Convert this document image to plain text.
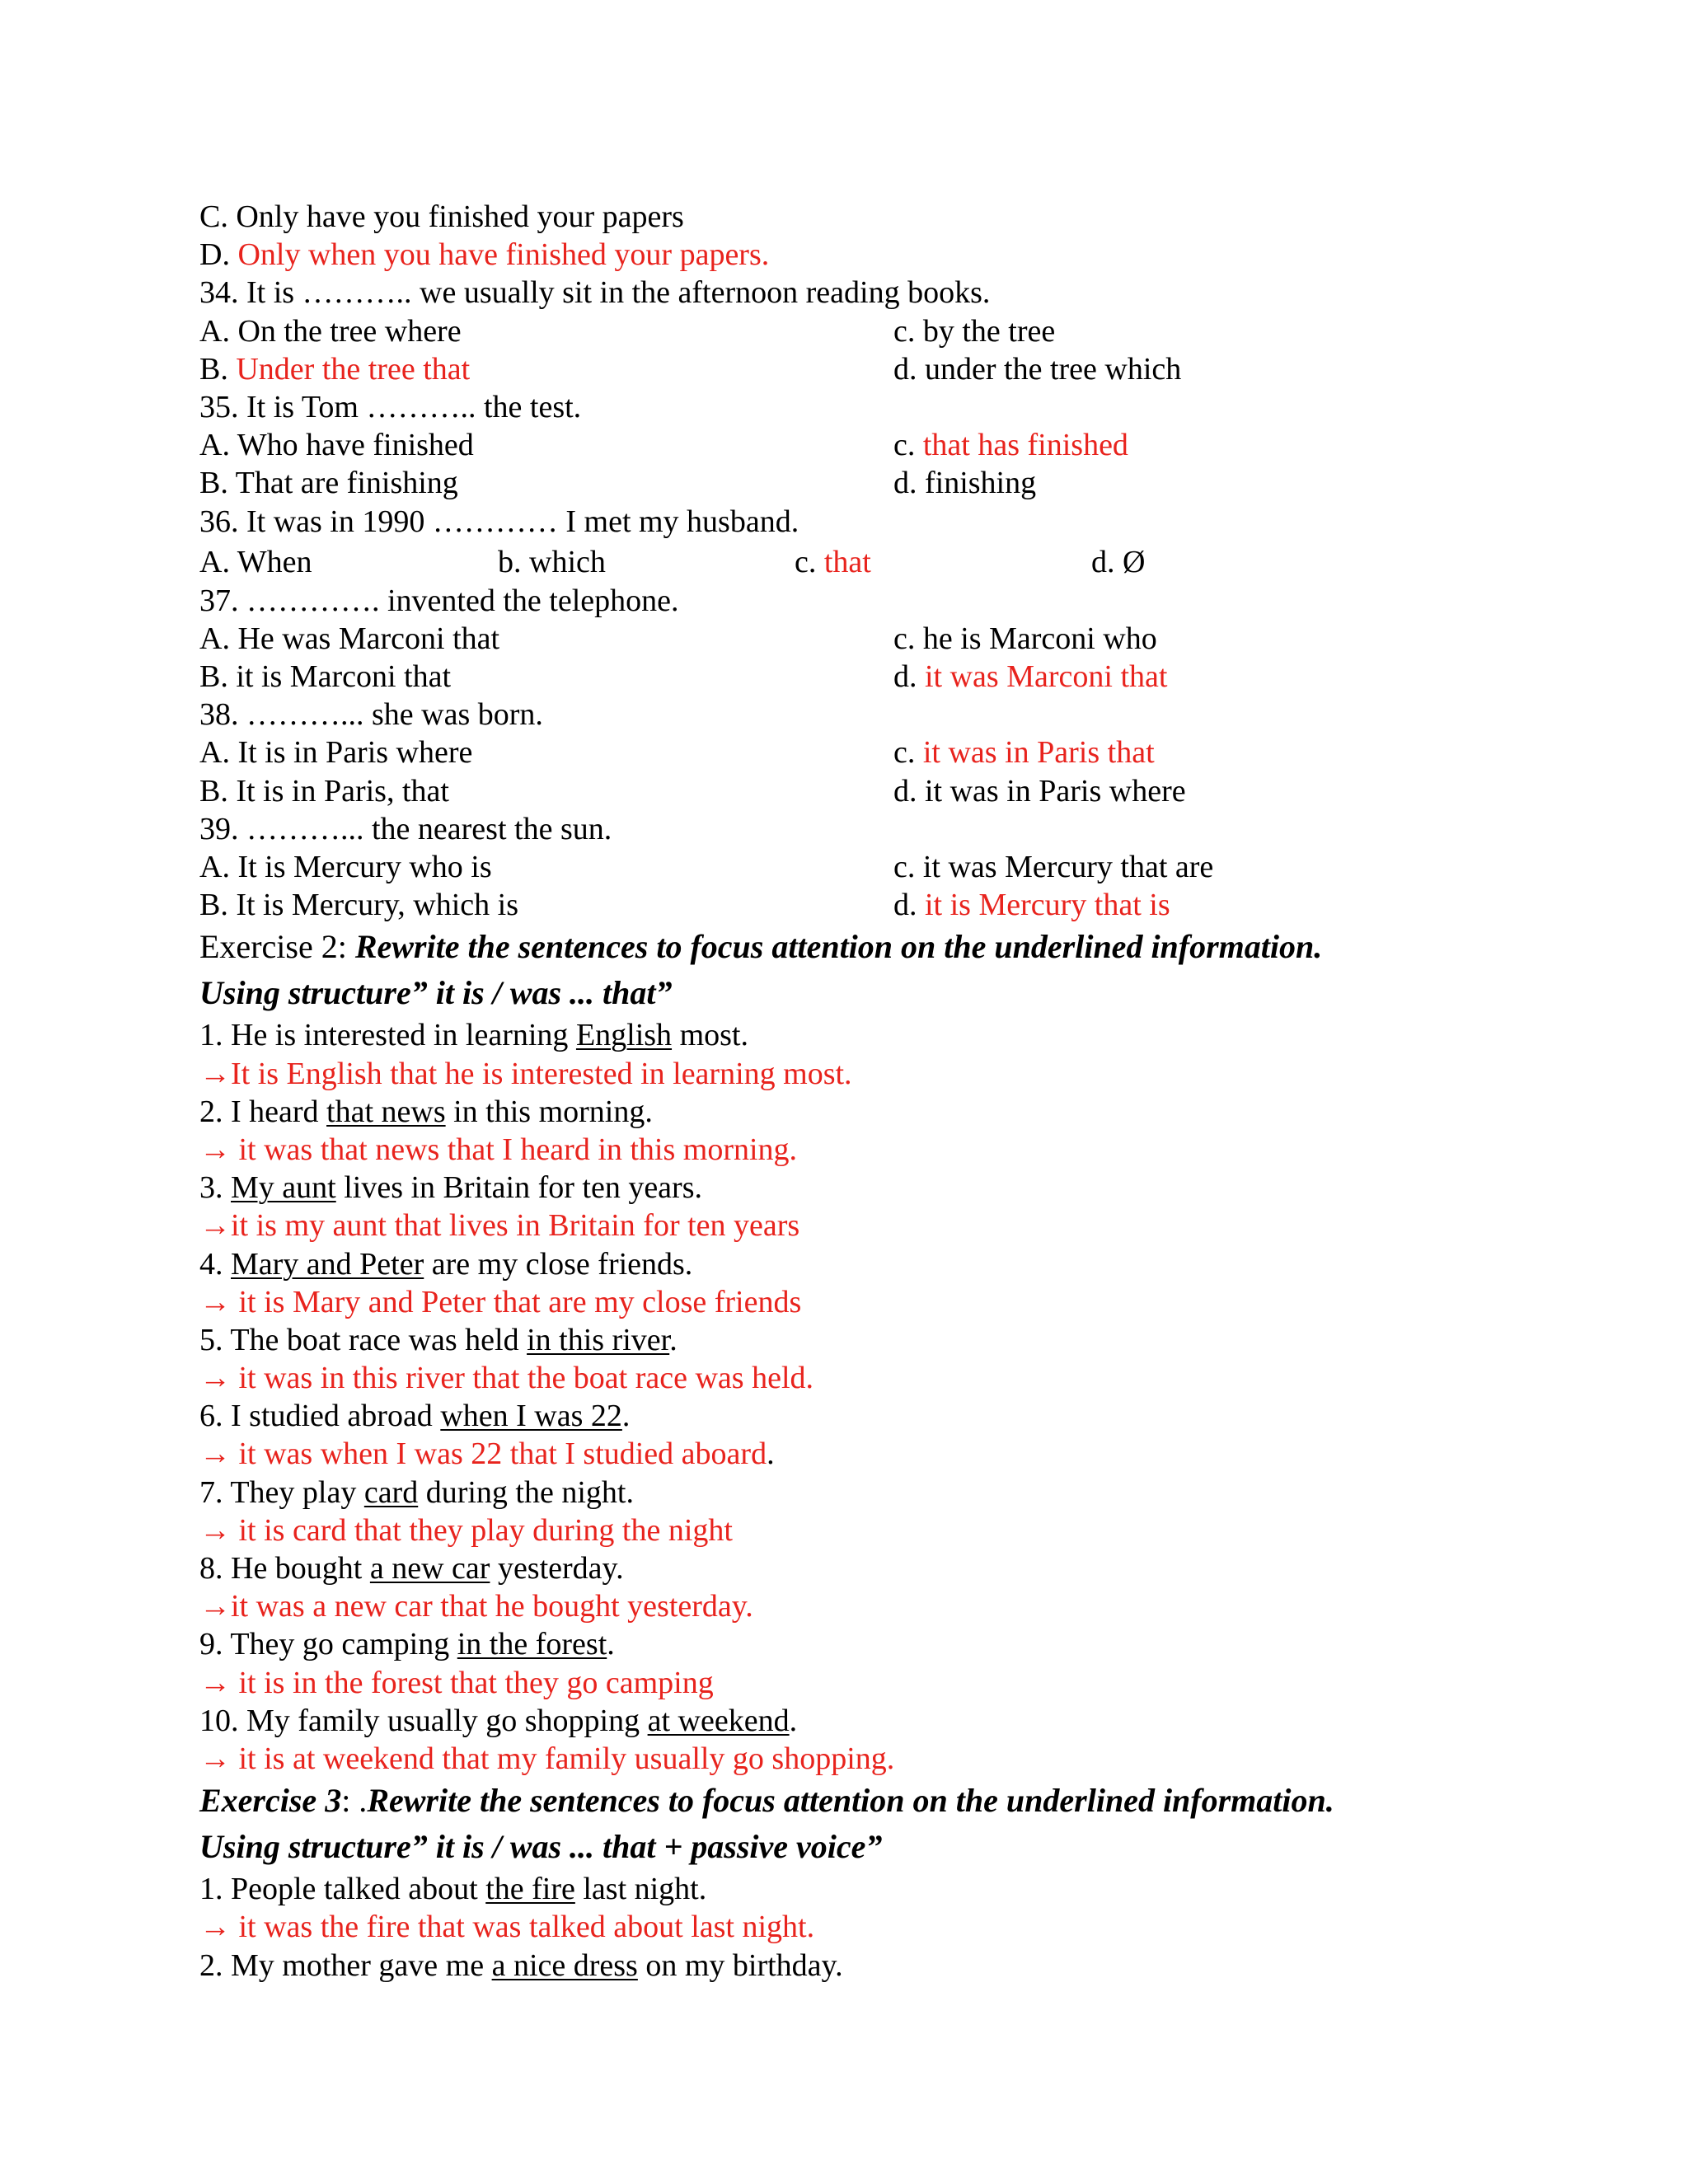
C. Only have you finished your papers
D. Only when you have finished your papers.
34. It is ……….. we usually sit in the afternoon reading books.
A. On the tree where	c. by the tree
B. Under the tree that	d. under the tree which
35. It is Tom ……….. the test.
A. Who have finished	c. that has finished
B. That are finishing	d. finishing
36. It was in 1990 ………… I met my husband.
A. When	b. which	c. that	d. Ø
37. …………. invented the telephone.
A. He was Marconi that	c. he is Marconi who
B. it is Marconi that	d. it was Marconi that
38. ………... she was born.
A. It is in Paris where	c. it was in Paris that
B. It is in Paris, that	d. it was in Paris where
39. ………... the nearest the sun.
A. It is Mercury who is	c. it was Mercury that are
B. It is Mercury, which is	d. it is Mercury that is
Exercise 2: Rewrite the sentences to focus attention on the underlined information.
Using structure” it is / was ... that”
1. He is interested in learning English most.
→It is English that he is interested in learning most.
2. I heard that news in this morning.
→ it was that news that I heard in this morning.
3. My aunt lives in Britain for ten years.
→it is my aunt that lives in Britain for ten years
4. Mary and Peter are my close friends.
→ it is Mary and Peter that are my close friends
5. The boat race was held in this river.
→ it was in this river that the boat race was held.
6. I studied abroad when I was 22.
→ it was when I was 22 that I studied aboard.
7. They play card during the night.
→ it is card that they play during the night
8. He bought a new car yesterday.
→it was a new car that he bought yesterday.
9. They go camping in the forest.
→ it is in the forest that they go camping
10. My family usually go shopping at weekend.
→ it is at weekend that my family usually go shopping.
Exercise 3: .Rewrite the sentences to focus attention on the underlined information.
Using structure” it is / was ... that + passive voice”
1. People talked about the fire last night.
→ it was the fire that was talked about last night.
2. My mother gave me a nice dress on my birthday.
